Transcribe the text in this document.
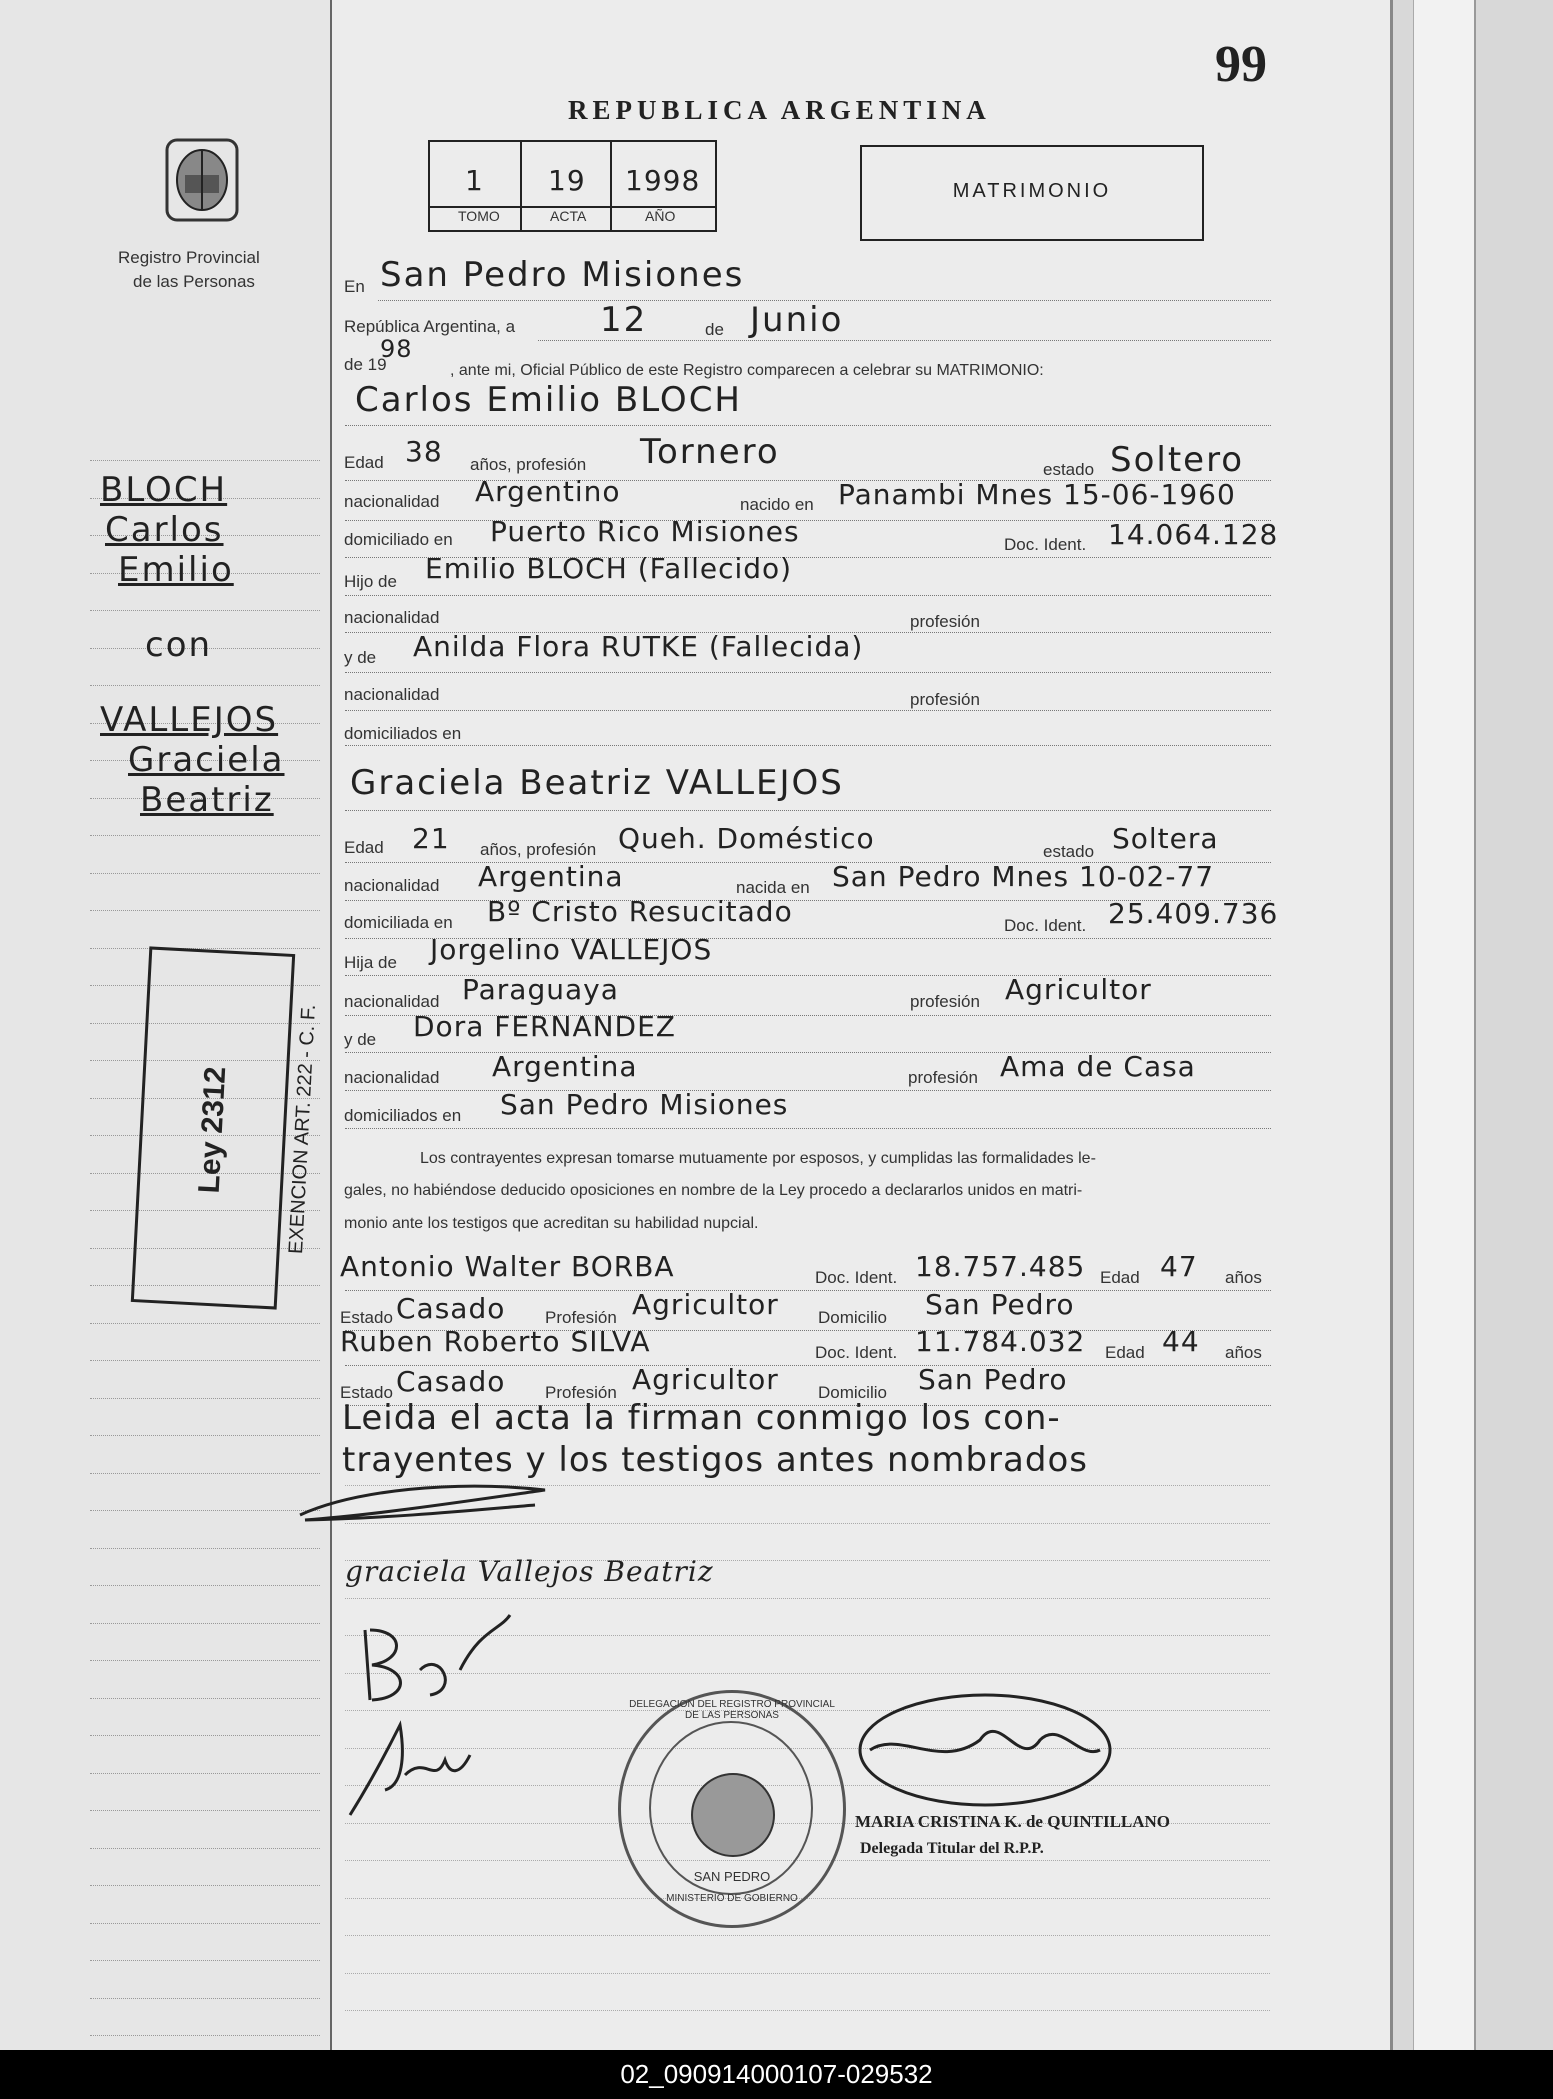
Registro Provincial
de las Personas
BLOCH
Carlos
Emilio
con
VALLEJOS
Graciela
Beatriz
Ley 2312	EXENCION ART. 222 - C. F.
99
REPUBLICA ARGENTINA
1 19 1998
TOMO	ACTA	AÑO
MATRIMONIO
En San Pedro Misiones
República Argentina, a 12	de Junio
de 19
98
, ante mi, Oficial Público de este Registro comparecen a celebrar su MATRIMONIO:
Carlos Emilio BLOCH
Edad 38 años, profesión Tornero	estado Soltero
nacionalidad Argentino	nacido en Panambi Mnes 15-06-1960
domiciliado en Puerto Rico Misiones	Doc. Ident. 14.064.128
Hijo de Emilio BLOCH (Fallecido)
nacionalidad	profesión
y de Anilda Flora RUTKE (Fallecida)
nacionalidad	profesión
domiciliados en
Graciela Beatriz VALLEJOS
Edad 21 años, profesión Queh. Doméstico	estado Soltera
nacionalidad Argentina	nacida en San Pedro Mnes 10-02-77
domiciliada en Bº Cristo Resucitado	Doc. Ident. 25.409.736
Hija de Jorgelino VALLEJOS
nacionalidad Paraguaya	profesión Agricultor
y de Dora FERNANDEZ
nacionalidad Argentina	profesión Ama de Casa
domiciliados en San Pedro Misiones
Los contrayentes expresan tomarse mutuamente por esposos, y cumplidas las formalidades le-
gales, no habiéndose deducido oposiciones en nombre de la Ley procedo a declararlos unidos en matri-
monio ante los testigos que acreditan su habilidad nupcial.
Antonio Walter BORBA	Doc. Ident. 18.757.485 Edad 47 años
Estado Casado Profesión Agricultor Domicilio San Pedro
Ruben Roberto SILVA	Doc. Ident. 11.784.032 Edad 44 años
Estado Casado Profesión Agricultor Domicilio San Pedro
Leida el acta la firman conmigo los con-
trayentes y los testigos antes nombrados
graciela Vallejos Beatriz
DELEGACION DEL REGISTRO PROVINCIAL DE LAS PERSONAS
SAN PEDRO
MINISTERIO DE GOBIERNO
MARIA CRISTINA K. de QUINTILLANO
Delegada Titular del R.P.P.
02_090914000107-029532
